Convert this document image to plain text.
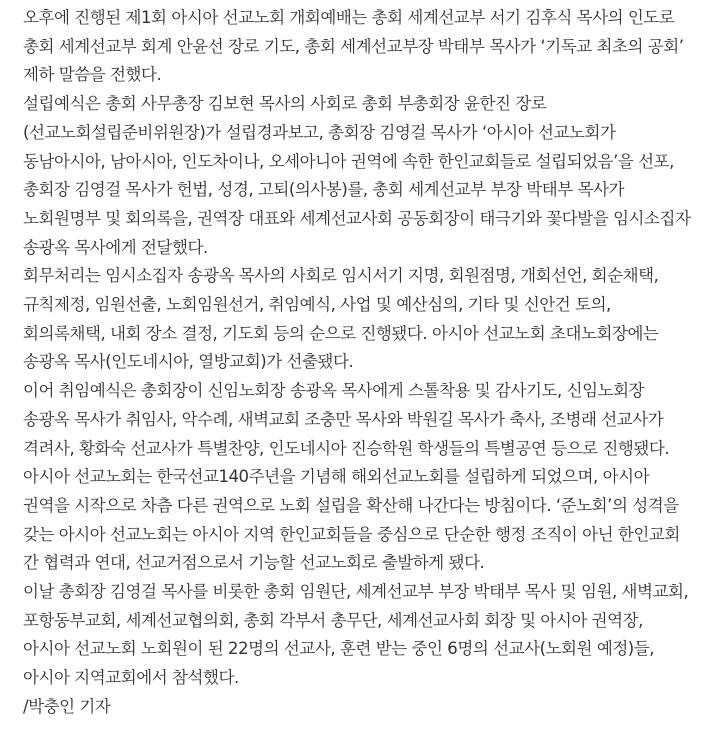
오후에 진행된 제1회 아시아 선교노회 개회예배는 총회 세계선교부 서기 김후식 목사의 인도로 총회 세계선교부 회계 안윤선 장로 기도, 총회 세계선교부장 박태부 목사가 ‘기독교 최초의 공회’ 제하 말씀을 전했다.

설립예식은 총회 사무총장 김보현 목사의 사회로 총회 부총회장 윤한진 장로(선교노회설립준비위원장)가 설립경과보고, 총회장 김영걸 목사가 ‘아시아 선교노회가 동남아시아, 남아시아, 인도차이나, 오세아니아 권역에 속한 한인교회들로 설립되었음’을 선포, 총회장 김영걸 목사가 헌법, 성경, 고퇴(의사봉)를, 총회 세계선교부 부장 박태부 목사가 노회원명부 및 회의록을, 권역장 대표와 세계선교사회 공동회장이 태극기와 꽃다발을 임시소집자 송광옥 목사에게 전달했다.

회무처리는 임시소집자 송광옥 목사의 사회로 임시서기 지명, 회원점명, 개회선언, 회순채택, 규칙제정, 임원선출, 노회임원선거, 취임예식, 사업 및 예산심의, 기타 및 신안건 토의, 회의록채택, 내회 장소 결정, 기도회 등의 순으로 진행됐다. 아시아 선교노회 초대노회장에는 송광옥 목사(인도네시아, 열방교회)가 선출됐다.

이어 취임예식은 총회장이 신임노회장 송광옥 목사에게 스톨착용 및 감사기도, 신임노회장 송광옥 목사가 취임사, 악수례, 새벽교회 조충만 목사와 박원길 목사가 축사, 조병래 선교사가 격려사, 황화숙 선교사가 특별찬양, 인도네시아 진승학원 학생들의 특별공연 등으로 진행됐다.

아시아 선교노회는 한국선교140주년을 기념해 해외선교노회를 설립하게 되었으며, 아시아 권역을 시작으로 차츰 다른 권역으로 노회 설립을 확산해 나간다는 방침이다. ‘준노회’의 성격을 갖는 아시아 선교노회는 아시아 지역 한인교회들을 중심으로 단순한 행정 조직이 아닌 한인교회 간 협력과 연대, 선교거점으로서 기능할 선교노회로 출발하게 됐다.

이날 총회장 김영걸 목사를 비롯한 총회 임원단, 세계선교부 부장 박태부 목사 및 임원, 새벽교회, 포항동부교회, 세계선교협의회, 총회 각부서 총무단, 세계선교사회 회장 및 아시아 권역장, 아시아 선교노회 노회원이 된 22명의 선교사, 훈련 받는 중인 6명의 선교사(노회원 예정)들, 아시아 지역교회에서 참석했다.

/박충인 기자
